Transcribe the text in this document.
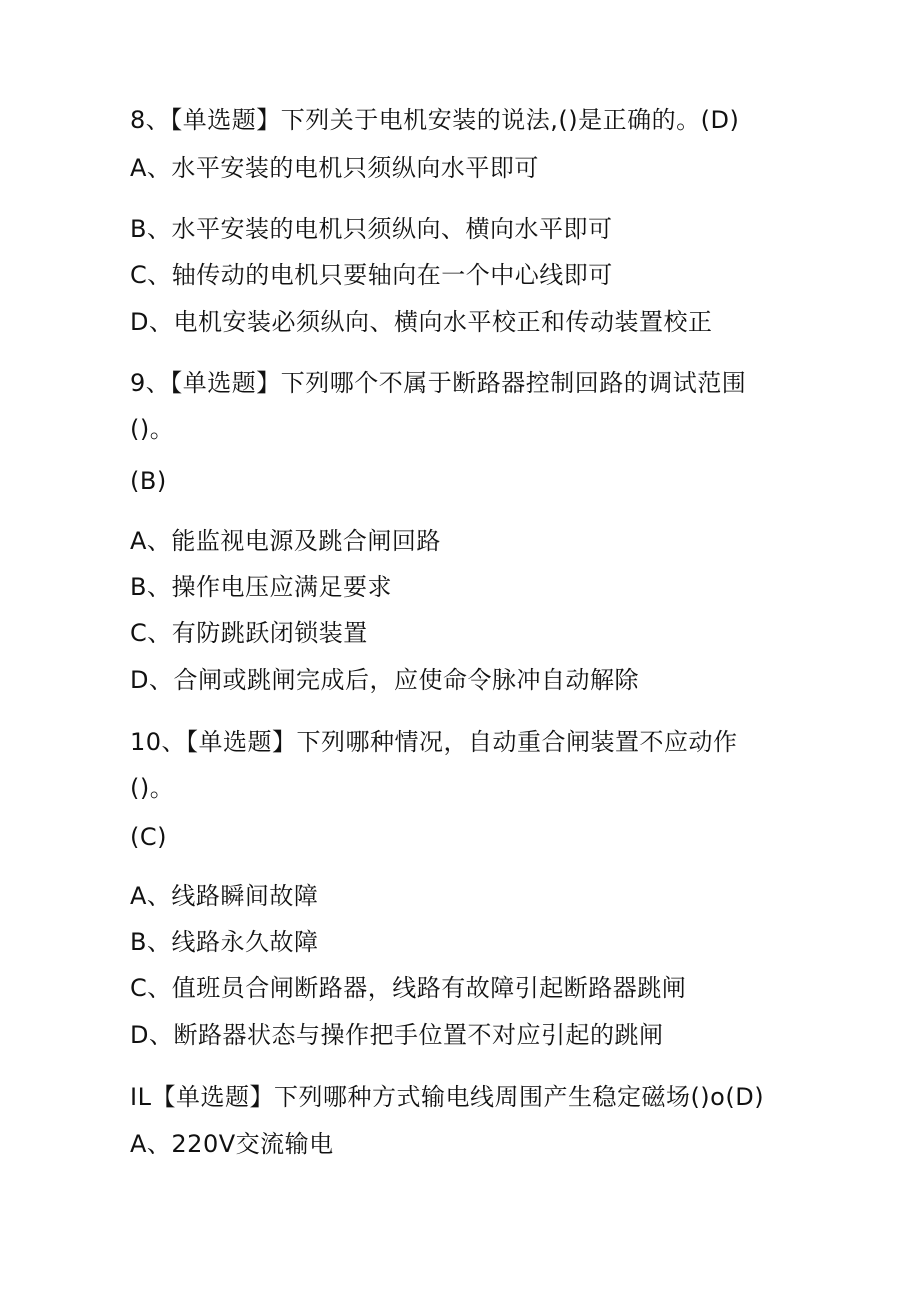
8、【单选题】下列关于电机安装的说法,()是正确的。(D)
A、水平安装的电机只须纵向水平即可
B、水平安装的电机只须纵向、横向水平即可
C、轴传动的电机只要轴向在一个中心线即可
D、电机安装必须纵向、横向水平校正和传动装置校正
9、【单选题】下列哪个不属于断路器控制回路的调试范围
()。
(B)
A、能监视电源及跳合闸回路
B、操作电压应满足要求
C、有防跳跃闭锁装置
D、合闸或跳闸完成后，应使命令脉冲自动解除
10、【单选题】下列哪种情况，自动重合闸装置不应动作
()。
(C)
A、线路瞬间故障
B、线路永久故障
C、值班员合闸断路器，线路有故障引起断路器跳闸
D、断路器状态与操作把手位置不对应引起的跳闸
IL【单选题】下列哪种方式输电线周围产生稳定磁场()o(D)
A、220V交流输电
